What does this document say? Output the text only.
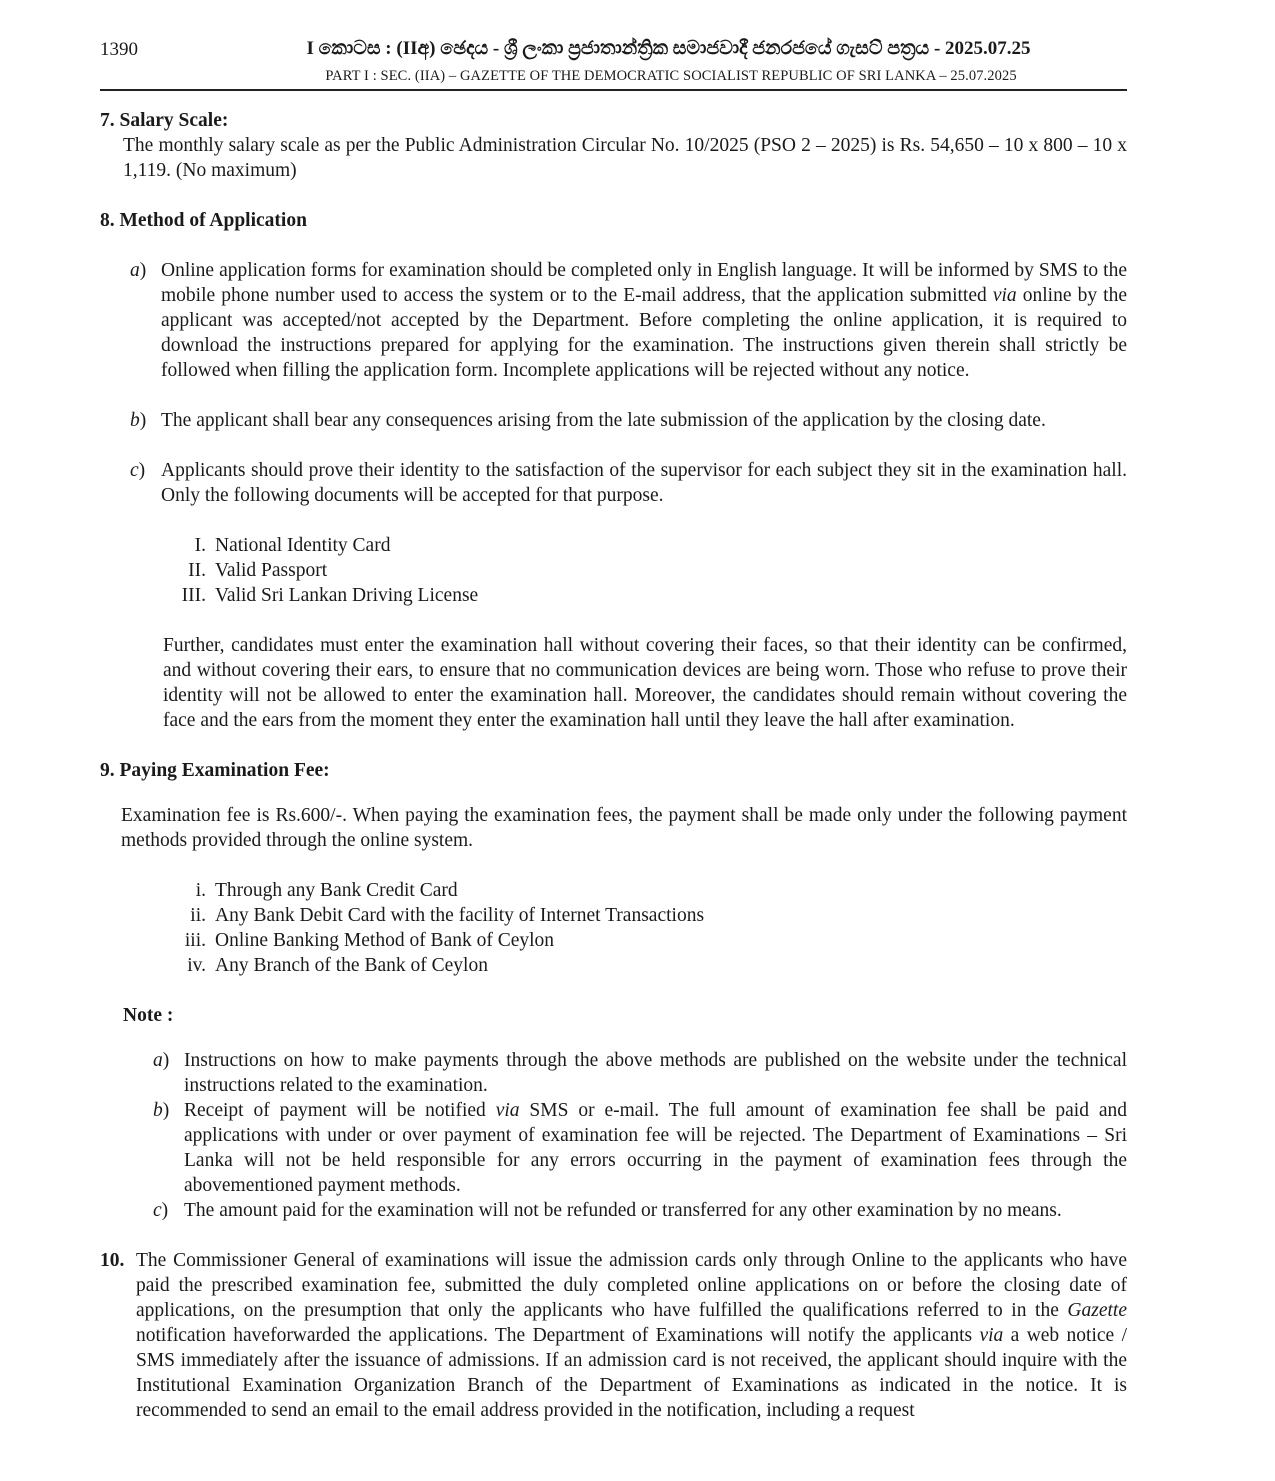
1390	I කොටස : (IIඅ) ඡෙදය - ශ්‍රී ලංකා ප්‍රජාතාන්ත්‍රික සමාජවාදී ජනරජයේ ගැසට් පත්‍රය - 2025.07.25
PART I : SEC. (IIA) – GAZETTE OF THE DEMOCRATIC SOCIALIST REPUBLIC OF SRI LANKA – 25.07.2025
7. Salary Scale:

The monthly salary scale as per the Public Administration Circular No. 10/2025 (PSO 2 – 2025) is Rs. 54,650 – 10 x 800 – 10 x 1,119. (No maximum)

8. Method of Application
a) Online application forms for examination should be completed only in English language. It will be informed by SMS to the mobile phone number used to access the system or to the E-mail address, that the application submitted via online by the applicant was accepted/not accepted by the Department. Before completing the online application, it is required to download the instructions prepared for applying for the examination. The instructions given therein shall strictly be followed when filling the application form. Incomplete applications will be rejected without any notice.
b) The applicant shall bear any consequences arising from the late submission of the application by the closing date.
c) Applicants should prove their identity to the satisfaction of the supervisor for each subject they sit in the examination hall. Only the following documents will be accepted for that purpose.
I. National Identity Card
II. Valid Passport
III. Valid Sri Lankan Driving License

Further, candidates must enter the examination hall without covering their faces, so that their identity can be confirmed, and without covering their ears, to ensure that no communication devices are being worn. Those who refuse to prove their identity will not be allowed to enter the examination hall. Moreover, the candidates should remain without covering the face and the ears from the moment they enter the examination hall until they leave the hall after examination.

9. Paying Examination Fee:

Examination fee is Rs.600/-. When paying the examination fees, the payment shall be made only under the following payment methods provided through the online system.

i. Through any Bank Credit Card
ii. Any Bank Debit Card with the facility of Internet Transactions
iii. Online Banking Method of Bank of Ceylon
iv. Any Branch of the Bank of Ceylon
Note :
a) Instructions on how to make payments through the above methods are published on the website under the technical instructions related to the examination.
b) Receipt of payment will be notified via SMS or e-mail. The full amount of examination fee shall be paid and applications with under or over payment of examination fee will be rejected. The Department of Examinations – Sri Lanka will not be held responsible for any errors occurring in the payment of examination fees through the abovementioned payment methods.
c) The amount paid for the examination will not be refunded or transferred for any other examination by no means.
10. The Commissioner General of examinations will issue the admission cards only through Online to the applicants who have paid the prescribed examination fee, submitted the duly completed online applications on or before the closing date of applications, on the presumption that only the applicants who have fulfilled the qualifications referred to in the Gazette notification haveforwarded the applications. The Department of Examinations will notify the applicants via a web notice / SMS immediately after the issuance of admissions. If an admission card is not received, the applicant should inquire with the Institutional Examination Organization Branch of the Department of Examinations as indicated in the notice. It is recommended to send an email to the email address provided in the notification, including a request
